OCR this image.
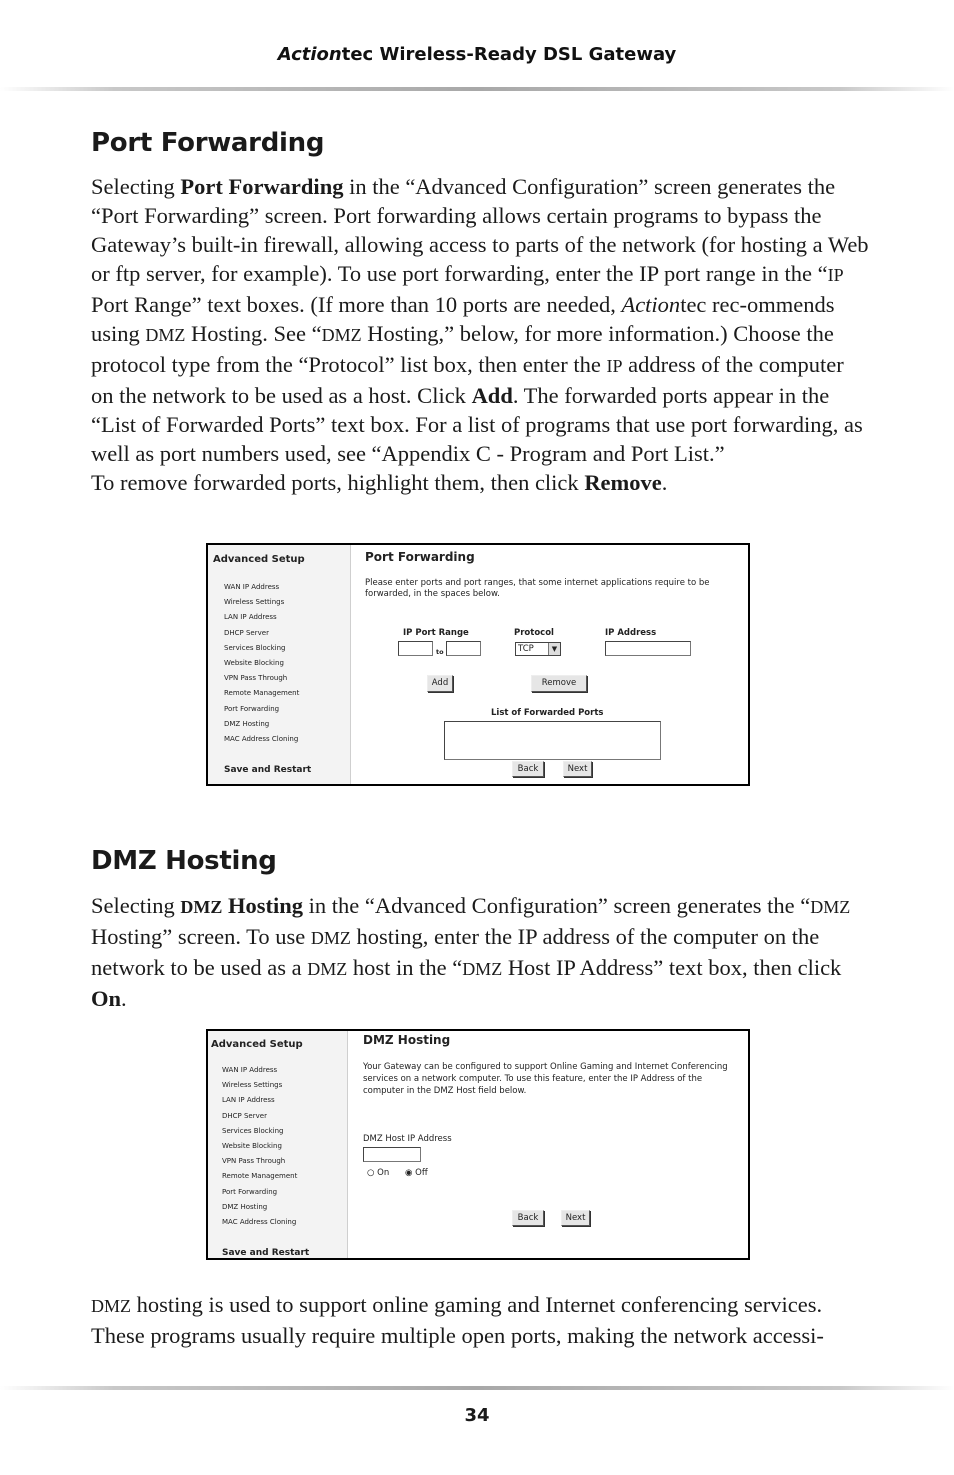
Actiontec Wireless-Ready DSL Gateway
Port Forwarding

Selecting Port Forwarding in the “Advanced Configuration” screen generates the “Port Forwarding” screen. Port forwarding allows certain programs to bypass the Gateway’s built-in firewall, allowing access to parts of the network (for hosting a Web or ftp server, for example). To use port forwarding, enter the IP port range in the “IP Port Range” text boxes. (If more than 10 ports are needed, Actiontec rec-ommends using DMZ Hosting. See “DMZ Hosting,” below, for more information.) Choose the protocol type from the “Protocol” list box, then enter the IP address of the computer on the network to be used as a host. Click Add. The forwarded ports appear in the “List of Forwarded Ports” text box. For a list of programs that use port forwarding, as well as port numbers used, see “Appendix C - Program and Port List.”

To remove forwarded ports, highlight them, then click Remove.

Advanced Setup
WAN IP Address
Wireless Settings
LAN IP Address
DHCP Server
Services Blocking
Website Blocking
VPN Pass Through
Remote Management
Port Forwarding
DMZ Hosting
MAC Address Cloning
Save and Restart
Port Forwarding
Please enter ports and port ranges, that some internet applications require to be forwarded, in the spaces below.
IP Port Range	Protocol	IP Address
to	TCP	▼
Add	Remove
List of Forwarded Ports
Back	Next
DMZ Hosting

Selecting DMZ Hosting in the “Advanced Configuration” screen generates the “DMZ Hosting” screen. To use DMZ hosting, enter the IP address of the computer on the network to be used as a DMZ host in the “DMZ Host IP Address” text box, then click On.

Advanced Setup
WAN IP Address
Wireless Settings
LAN IP Address
DHCP Server
Services Blocking
Website Blocking
VPN Pass Through
Remote Management
Port Forwarding
DMZ Hosting
MAC Address Cloning
Save and Restart
DMZ Hosting
Your Gateway can be configured to support Online Gaming and Internet Conferencing services on a network computer. To use this feature, enter the IP Address of the computer in the DMZ Host field below.
DMZ Host IP Address
○ On ◉ Off
Back	Next

DMZ hosting is used to support online gaming and Internet conferencing services. These programs usually require multiple open ports, making the network accessi-

34
